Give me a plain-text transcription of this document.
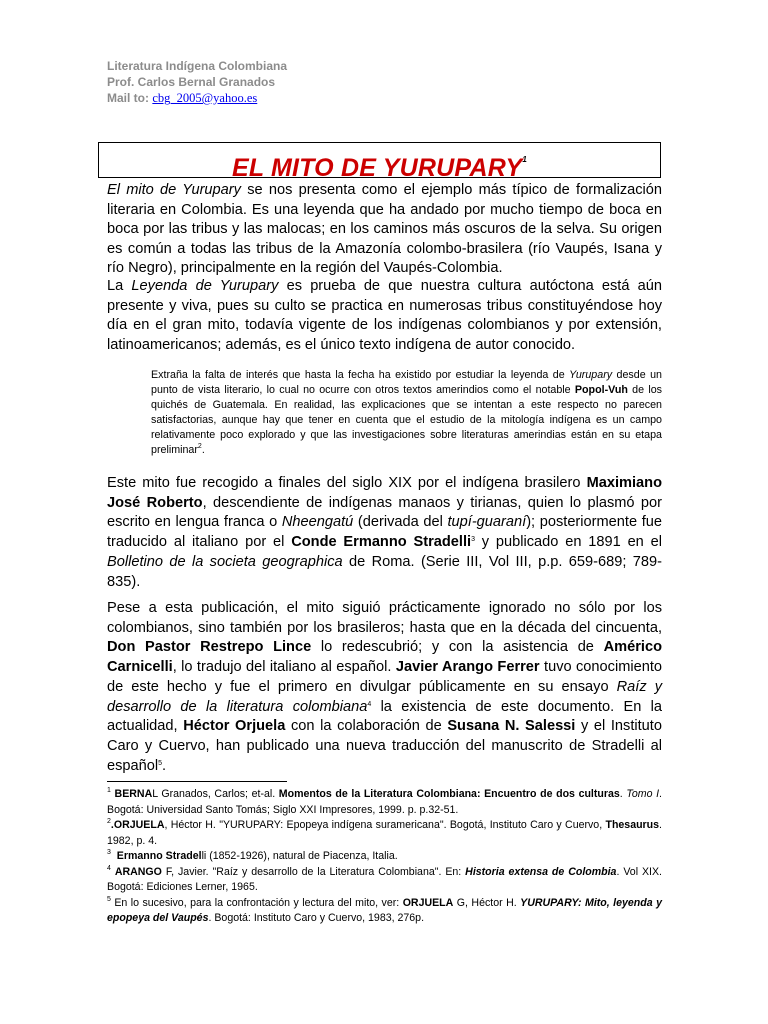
Literatura Indígena Colombiana
Prof. Carlos Bernal Granados
Mail to: cbg_2005@yahoo.es
EL MITO DE YURUPARY$^1$

El mito de Yurupary se nos presenta como el ejemplo más típico de formalización literaria en Colombia. Es una leyenda que ha andado por mucho tiempo de boca en boca por las tribus y las malocas; en los caminos más oscuros de la selva. Su origen es común a todas las tribus de la Amazonía colombo-brasilera (río Vaupés, Isana y río Negro), principalmente en la región del Vaupés-Colombia.

La Leyenda de Yurupary es prueba de que nuestra cultura autóctona está aún presente y viva, pues su culto se practica en numerosas tribus constituyéndose hoy día en el gran mito, todavía vigente de los indígenas colombianos y por extensión, latinoamericanos; además, es el único texto indígena de autor conocido.

Extraña la falta de interés que hasta la fecha ha existido por estudiar la leyenda de Yurupary desde un punto de vista literario, lo cual no ocurre con otros textos amerindios como el notable Popol-Vuh de los quichés de Guatemala. En realidad, las explicaciones que se intentan a este respecto no parecen satisfactorias, aunque hay que tener en cuenta que el estudio de la mitología indígena es un campo relativamente poco explorado y que las investigaciones sobre literaturas amerindias están en su etapa preliminar$^2$.

Este mito fue recogido a finales del siglo XIX por el indígena brasilero Maximiano José Roberto, descendiente de indígenas manaos y tirianas, quien lo plasmó por escrito en lengua franca o Nheengatú (derivada del tupí-guaraní); posteriormente fue traducido al italiano por el Conde Ermanno Stradelli$^3$ y publicado en 1891 en el Bolletino de la societa geographica de Roma. (Serie III, Vol III, p.p. 659-689; 789-835).

Pese a esta publicación, el mito siguió prácticamente ignorado no sólo por los colombianos, sino también por los brasileros; hasta que en la década del cincuenta, Don Pastor Restrepo Lince lo redescubrió; y con la asistencia de Américo Carnicelli, lo tradujo del italiano al español. Javier Arango Ferrer tuvo conocimiento de este hecho y fue el primero en divulgar públicamente en su ensayo Raíz y desarrollo de la literatura colombiana$^4$ la existencia de este documento. En la actualidad, Héctor Orjuela con la colaboración de Susana N. Salessi y el Instituto Caro y Cuervo, han publicado una nueva traducción del manuscrito de Stradelli al español$^5$.

$^1$ BERNAL Granados, Carlos; et-al. Momentos de la Literatura Colombiana: Encuentro de dos culturas. Tomo I. Bogotá: Universidad Santo Tomás; Siglo XXI Impresores, 1999. p. p.32-51.

$^2$.ORJUELA, Héctor H. "YURUPARY: Epopeya indígena suramericana". Bogotá, Instituto Caro y Cuervo, Thesaurus. 1982, p. 4.

$^3$ Ermanno Stradelli (1852-1926), natural de Piacenza, Italia.

$^4$ ARANGO F, Javier. "Raíz y desarrollo de la Literatura Colombiana". En: Historia extensa de Colombia. Vol XIX. Bogotá: Ediciones Lerner, 1965.

$^5$ En lo sucesivo, para la confrontación y lectura del mito, ver: ORJUELA G, Héctor H. YURUPARY: Mito, leyenda y epopeya del Vaupés. Bogotá: Instituto Caro y Cuervo, 1983, 276p.
